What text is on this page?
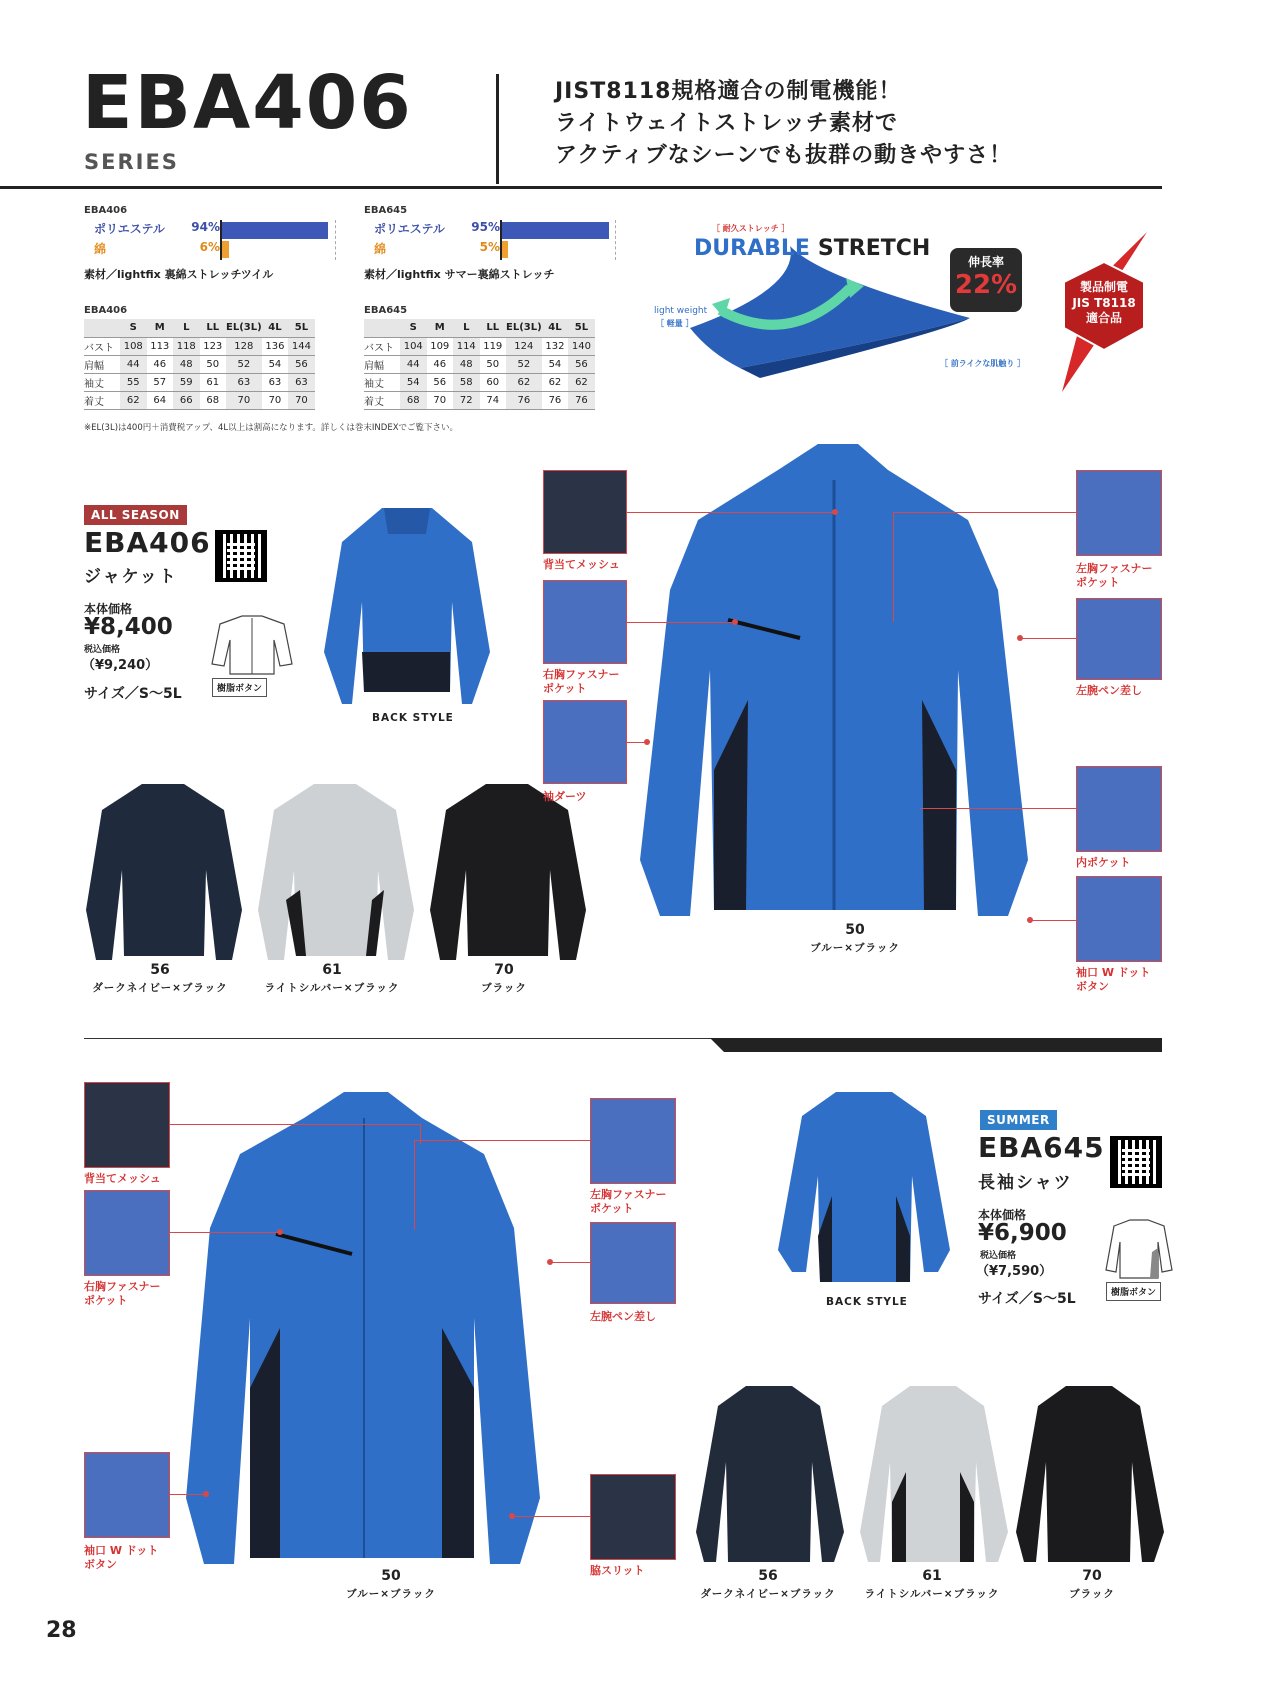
EBA406
SERIES
JIST8118規格適合の制電機能！
ライトウェイトストレッチ素材で
アクティブなシーンでも抜群の動きやすさ！
EBA406
ポリエステル 94%
綿	6%
素材／lightfix 裏綿ストレッチツイル
EBA645
ポリエステル 95%
綿	5%
素材／lightfix サマー裏綿ストレッチ
EBA406
	S	M	L	LL	EL(3L)	4L	5L
バスト	108	113	118	123	128	136	144
肩幅	44	46	48	50	52	54	56
袖丈	55	57	59	61	63	63	63
着丈	62	64	66	68	70	70	70
EBA645
	S	M	L	LL	EL(3L)	4L	5L
バスト	104	109	114	119	124	132	140
肩幅	44	46	48	50	52	54	56
袖丈	54	56	58	60	62	62	62
着丈	68	70	72	74	76	76	76
※EL(3L)は400円＋消費税アップ、4L以上は割高になります。詳しくは巻末INDEXでご覧下さい。
［ 耐久ストレッチ ］
DURABLE STRETCH
light weight
［ 軽量 ］
［ 前ライクな肌触り ］
伸長率
22%	製品制電
JIS T8118
適合品
ALL SEASON
EBA406
ジャケット
本体価格
¥8,400
税込価格
（¥9,240）
サイズ／S～5L	樹脂ボタン
BACK STYLE
56
ダークネイビー×ブラック
61
ライトシルバー×ブラック
70
ブラック
50
ブルー×ブラック
背当てメッシュ
右胸ファスナー
ポケット
袖ダーツ
左胸ファスナー
ポケット
左腕ペン差し
内ポケット
袖口 W ドット
ボタン
50
ブルー×ブラック
背当てメッシュ
右胸ファスナー
ポケット
袖口 W ドット
ボタン
左胸ファスナー
ポケット
左腕ペン差し
脇スリット
BACK STYLE
SUMMER
EBA645
長袖シャツ
本体価格
¥6,900
税込価格
（¥7,590）
サイズ／S～5L	樹脂ボタン
56
ダークネイビー×ブラック
61
ライトシルバー×ブラック
70
ブラック
28
